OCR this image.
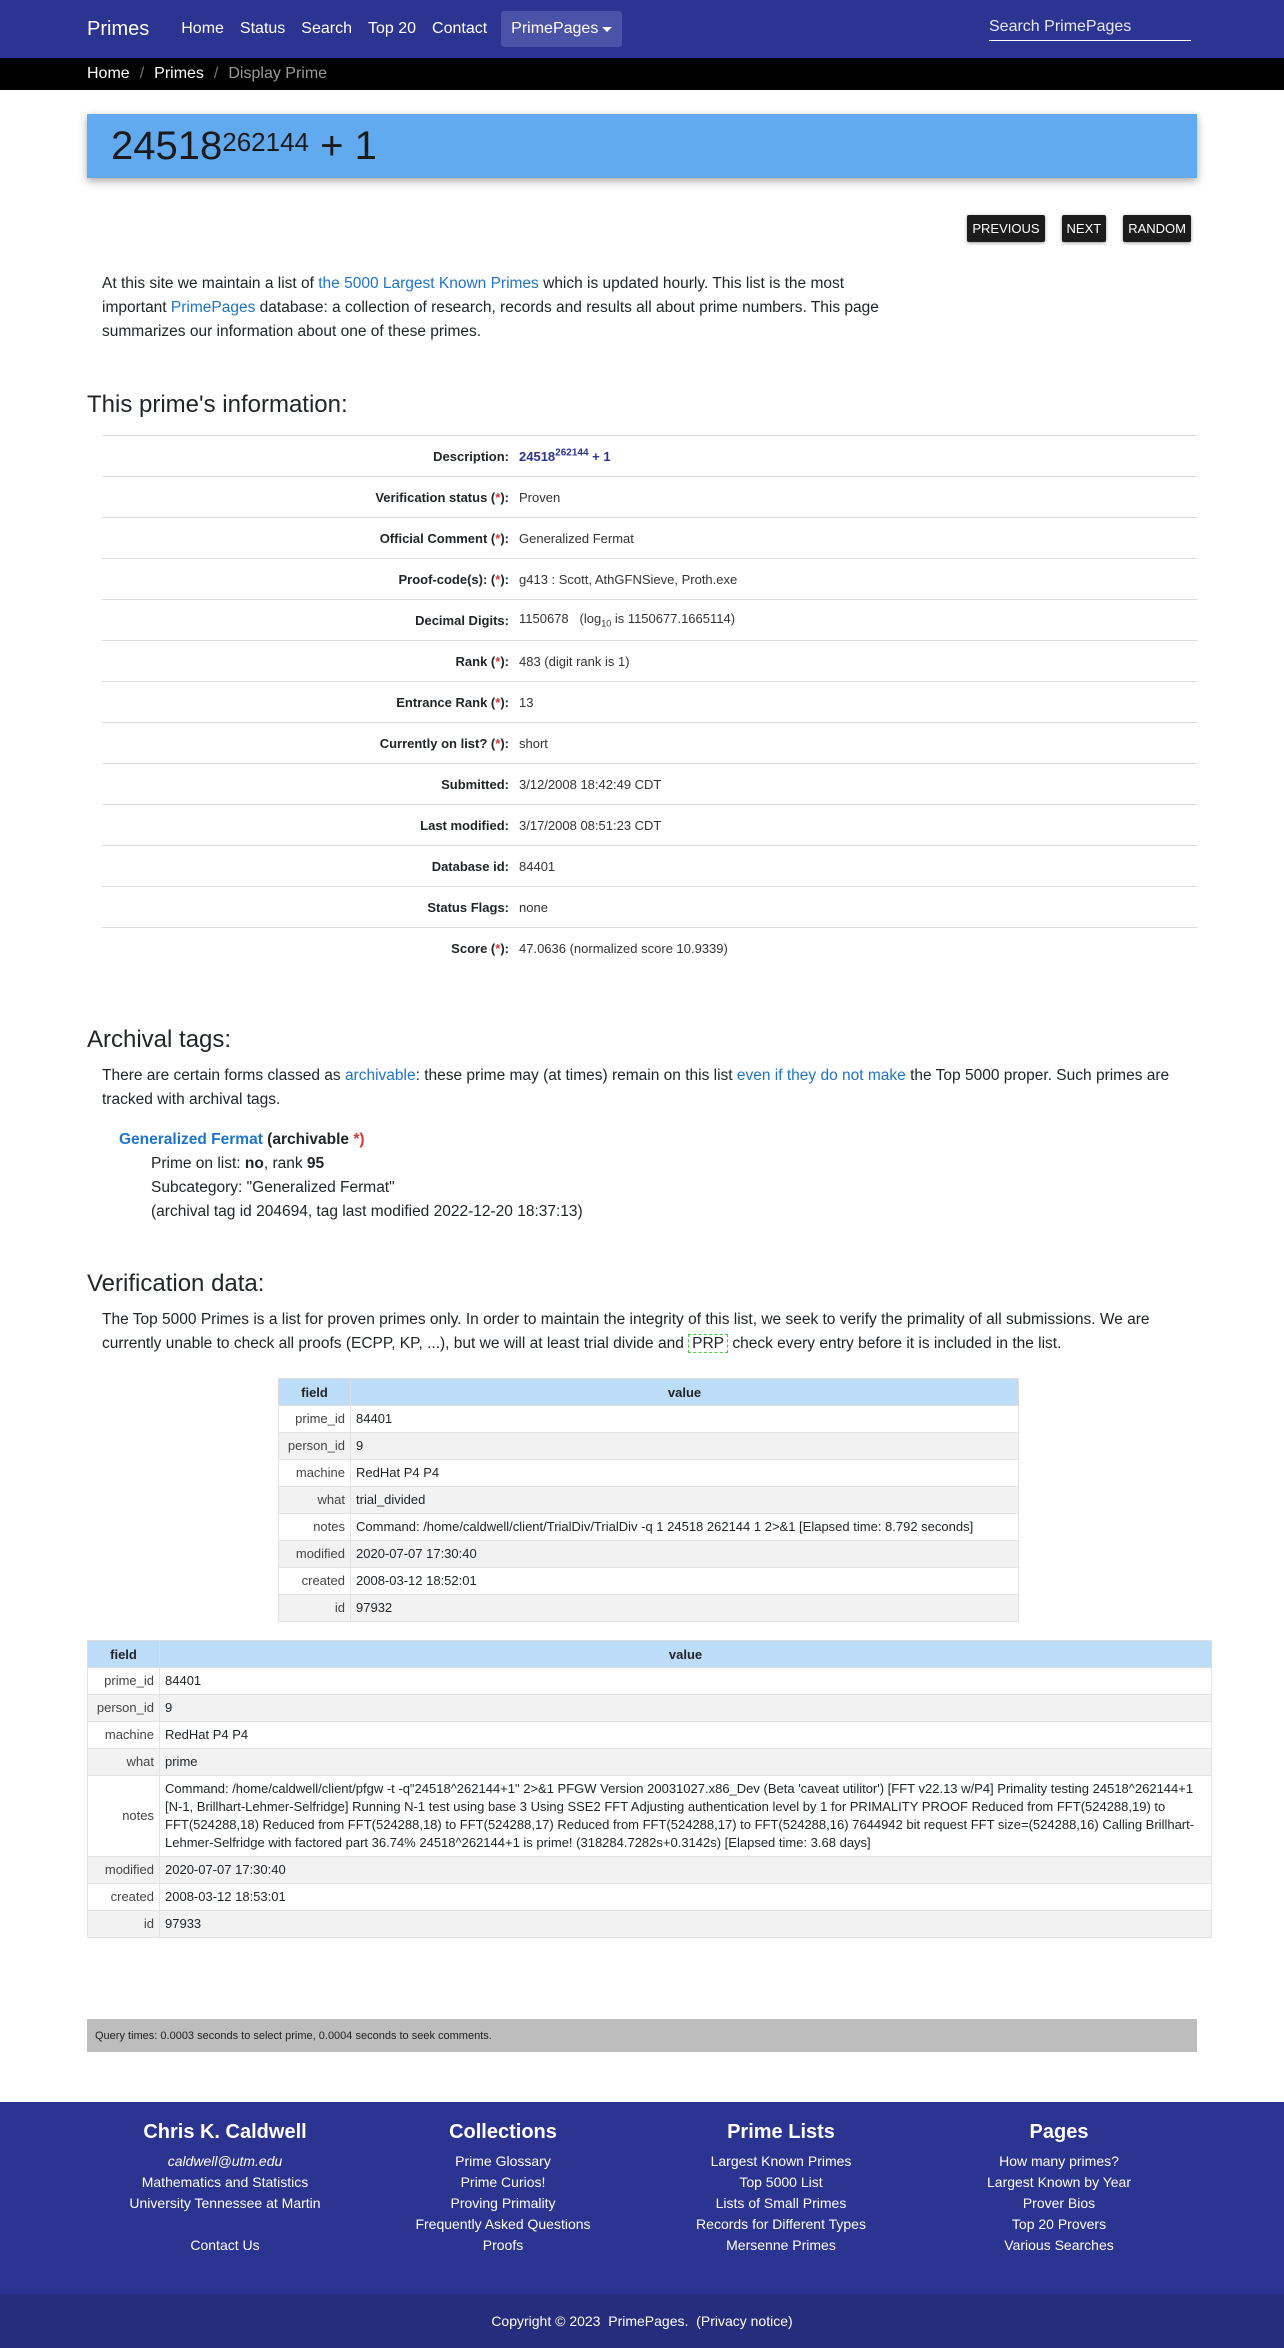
Primes	Home	Status	Search	Top 20	Contact	PrimePages
Search PrimePages
Home / Primes / Display Prime
$24518^{262144} + 1$
PREVIOUS	NEXT	RANDOM

At this site we maintain a list of the 5000 Largest Known Primes which is updated hourly. This list is the most important PrimePages database: a collection of research, records and results all about prime numbers. This page summarizes our information about one of these primes.

This prime's information:
Description: $24518^{262144} + 1$
Verification status (*): Proven
Official Comment (*): Generalized Fermat
Proof-code(s): (*): g413 : Scott, AthGFNSieve, Proth.exe
Decimal Digits: 1150678 ($\log_{10}$ is 1150677.1665114)
Rank (*): 483 (digit rank is 1)
Entrance Rank (*): 13
Currently on list? (*): short
Submitted: 3/12/2008 18:42:49 CDT
Last modified: 3/17/2008 08:51:23 CDT
Database id: 84401
Status Flags: none
Score (*): 47.0636 (normalized score 10.9339)
Archival tags:

There are certain forms classed as archivable: these prime may (at times) remain on this list even if they do not make the Top 5000 proper. Such primes are tracked with archival tags.

Generalized Fermat (archivable *)
Prime on list: no, rank 95
Subcategory: "Generalized Fermat"
(archival tag id 204694, tag last modified 2022-12-20 18:37:13)
Verification data:

The Top 5000 Primes is a list for proven primes only. In order to maintain the integrity of this list, we seek to verify the primality of all submissions. We are currently unable to check all proofs (ECPP, KP, ...), but we will at least trial divide and PRP check every entry before it is included in the list.

field	value
prime_id	84401
person_id	9
machine	RedHat P4 P4
what	trial_divided
notes	Command: /home/caldwell/client/TrialDiv/TrialDiv -q 1 24518 262144 1 2>&1 [Elapsed time: 8.792 seconds]
modified	2020-07-07 17:30:40
created	2008-03-12 18:52:01
id	97932
field	value
prime_id	84401
person_id	9
machine	RedHat P4 P4
what	prime
notes	Command: /home/caldwell/client/pfgw -t -q"24518^262144+1" 2>&1 PFGW Version 20031027.x86_Dev (Beta 'caveat utilitor') [FFT v22.13 w/P4] Primality testing 24518^262144+1 [N-1, Brillhart-Lehmer-Selfridge] Running N-1 test using base 3 Using SSE2 FFT Adjusting authentication level by 1 for PRIMALITY PROOF Reduced from FFT(524288,19) to FFT(524288,18) Reduced from FFT(524288,18) to FFT(524288,17) Reduced from FFT(524288,17) to FFT(524288,16) 7644942 bit request FFT size=(524288,16) Calling Brillhart-Lehmer-Selfridge with factored part 36.74% 24518^262144+1 is prime! (318284.7282s+0.3142s) [Elapsed time: 3.68 days]
modified	2020-07-07 17:30:40
created	2008-03-12 18:53:01
id	97933
Query times: 0.0003 seconds to select prime, 0.0004 seconds to seek comments.
Chris K. Caldwell
caldwell@utm.edu
Mathematics and Statistics
University Tennessee at Martin
Contact Us
Collections
Prime Glossary
Prime Curios!
Proving Primality
Frequently Asked Questions
Proofs
Prime Lists
Largest Known Primes
Top 5000 List
Lists of Small Primes
Records for Different Types
Mersenne Primes
Pages
How many primes?
Largest Known by Year
Prover Bios
Top 20 Provers
Various Searches
Copyright © 2023 PrimePages .  ( Privacy notice )
